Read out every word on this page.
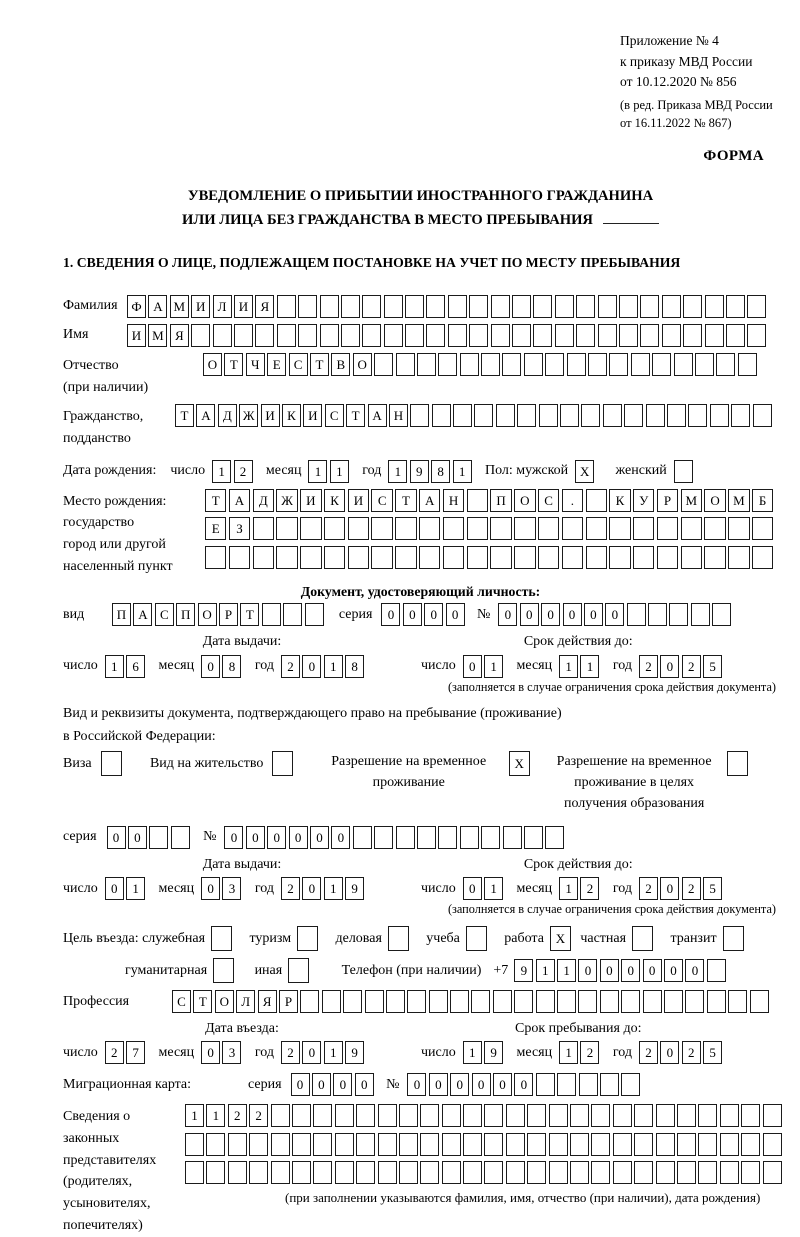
Приложение № 4
к приказу МВД России
от 10.12.2020 № 856
(в ред. Приказа МВД России
от 16.11.2022 № 867)
ФОРМА
УВЕДОМЛЕНИЕ О ПРИБЫТИИ ИНОСТРАННОГО ГРАЖДАНИНА
ИЛИ ЛИЦА БЕЗ ГРАЖДАНСТВА В МЕСТО ПРЕБЫВАНИЯ
1. СВЕДЕНИЯ О ЛИЦЕ, ПОДЛЕЖАЩЕМ ПОСТАНОВКЕ НА УЧЕТ ПО МЕСТУ ПРЕБЫВАНИЯ
Фамилия	Ф А М И Л И Я
Имя	И М Я
Отчество
(при наличии)
О Т	Ч	Е	С	Т	В О
Гражданство,
подданство
Т А Д Ж И К И С	Т А Н
Дата рождения: число	1	2	месяц	1	1	год	1	9	8	1	Пол: мужской X	женский
Место рождения:
государство
город или другой
населенный пункт
Т	А	Д	Ж	И	К	И	С	Т	А	Н	П	О	С	.	К	У	Р	М	О	М	Б
Е	З
Документ, удостоверяющий личность:
вид	П А С П О	Р	Т	серия	0	0	0	0	№	0	0	0	0	0	0
Дата выдачи:
число	1	6	месяц	0	8	год	2	0	1	8
Срок действия до:
число	0	1	месяц	1	1	год	2	0	2	5
(заполняется в случае ограничения срока действия документа)
Вид и реквизиты документа, подтверждающего право на пребывание (проживание)
в Российской Федерации:
Виза	Вид на жительство	Разрешение на временное проживание
X	Разрешение на временное проживание в целях получения образования
серия	0	0	№	0	0	0	0	0	0
Дата выдачи:
число	0	1	месяц	0	3	год	2	0	1	9
Срок действия до:
число	0	1	месяц	1	2	год	2	0	2	5
(заполняется в случае ограничения срока действия документа)
Цель въезда: служебная	туризм	деловая	учеба	работа X	частная	транзит
гуманитарная	иная	Телефон (при наличии) +7 9	1	1	0	0	0	0	0	0
Профессия	С	Т О Л Я	Р
Дата въезда:
число	2	7	месяц	0	3	год	2	0	1	9
Срок пребывания до:
число	1	9	месяц	1	2	год	2	0	2	5
Миграционная карта:	серия	0	0	0	0	№	0	0	0	0	0	0
Сведения о
законных
представителях
(родителях,
усыновителях,
попечителях)
1	1	2	2
(при заполнении указываются фамилия, имя, отчество (при наличии), дата рождения)
